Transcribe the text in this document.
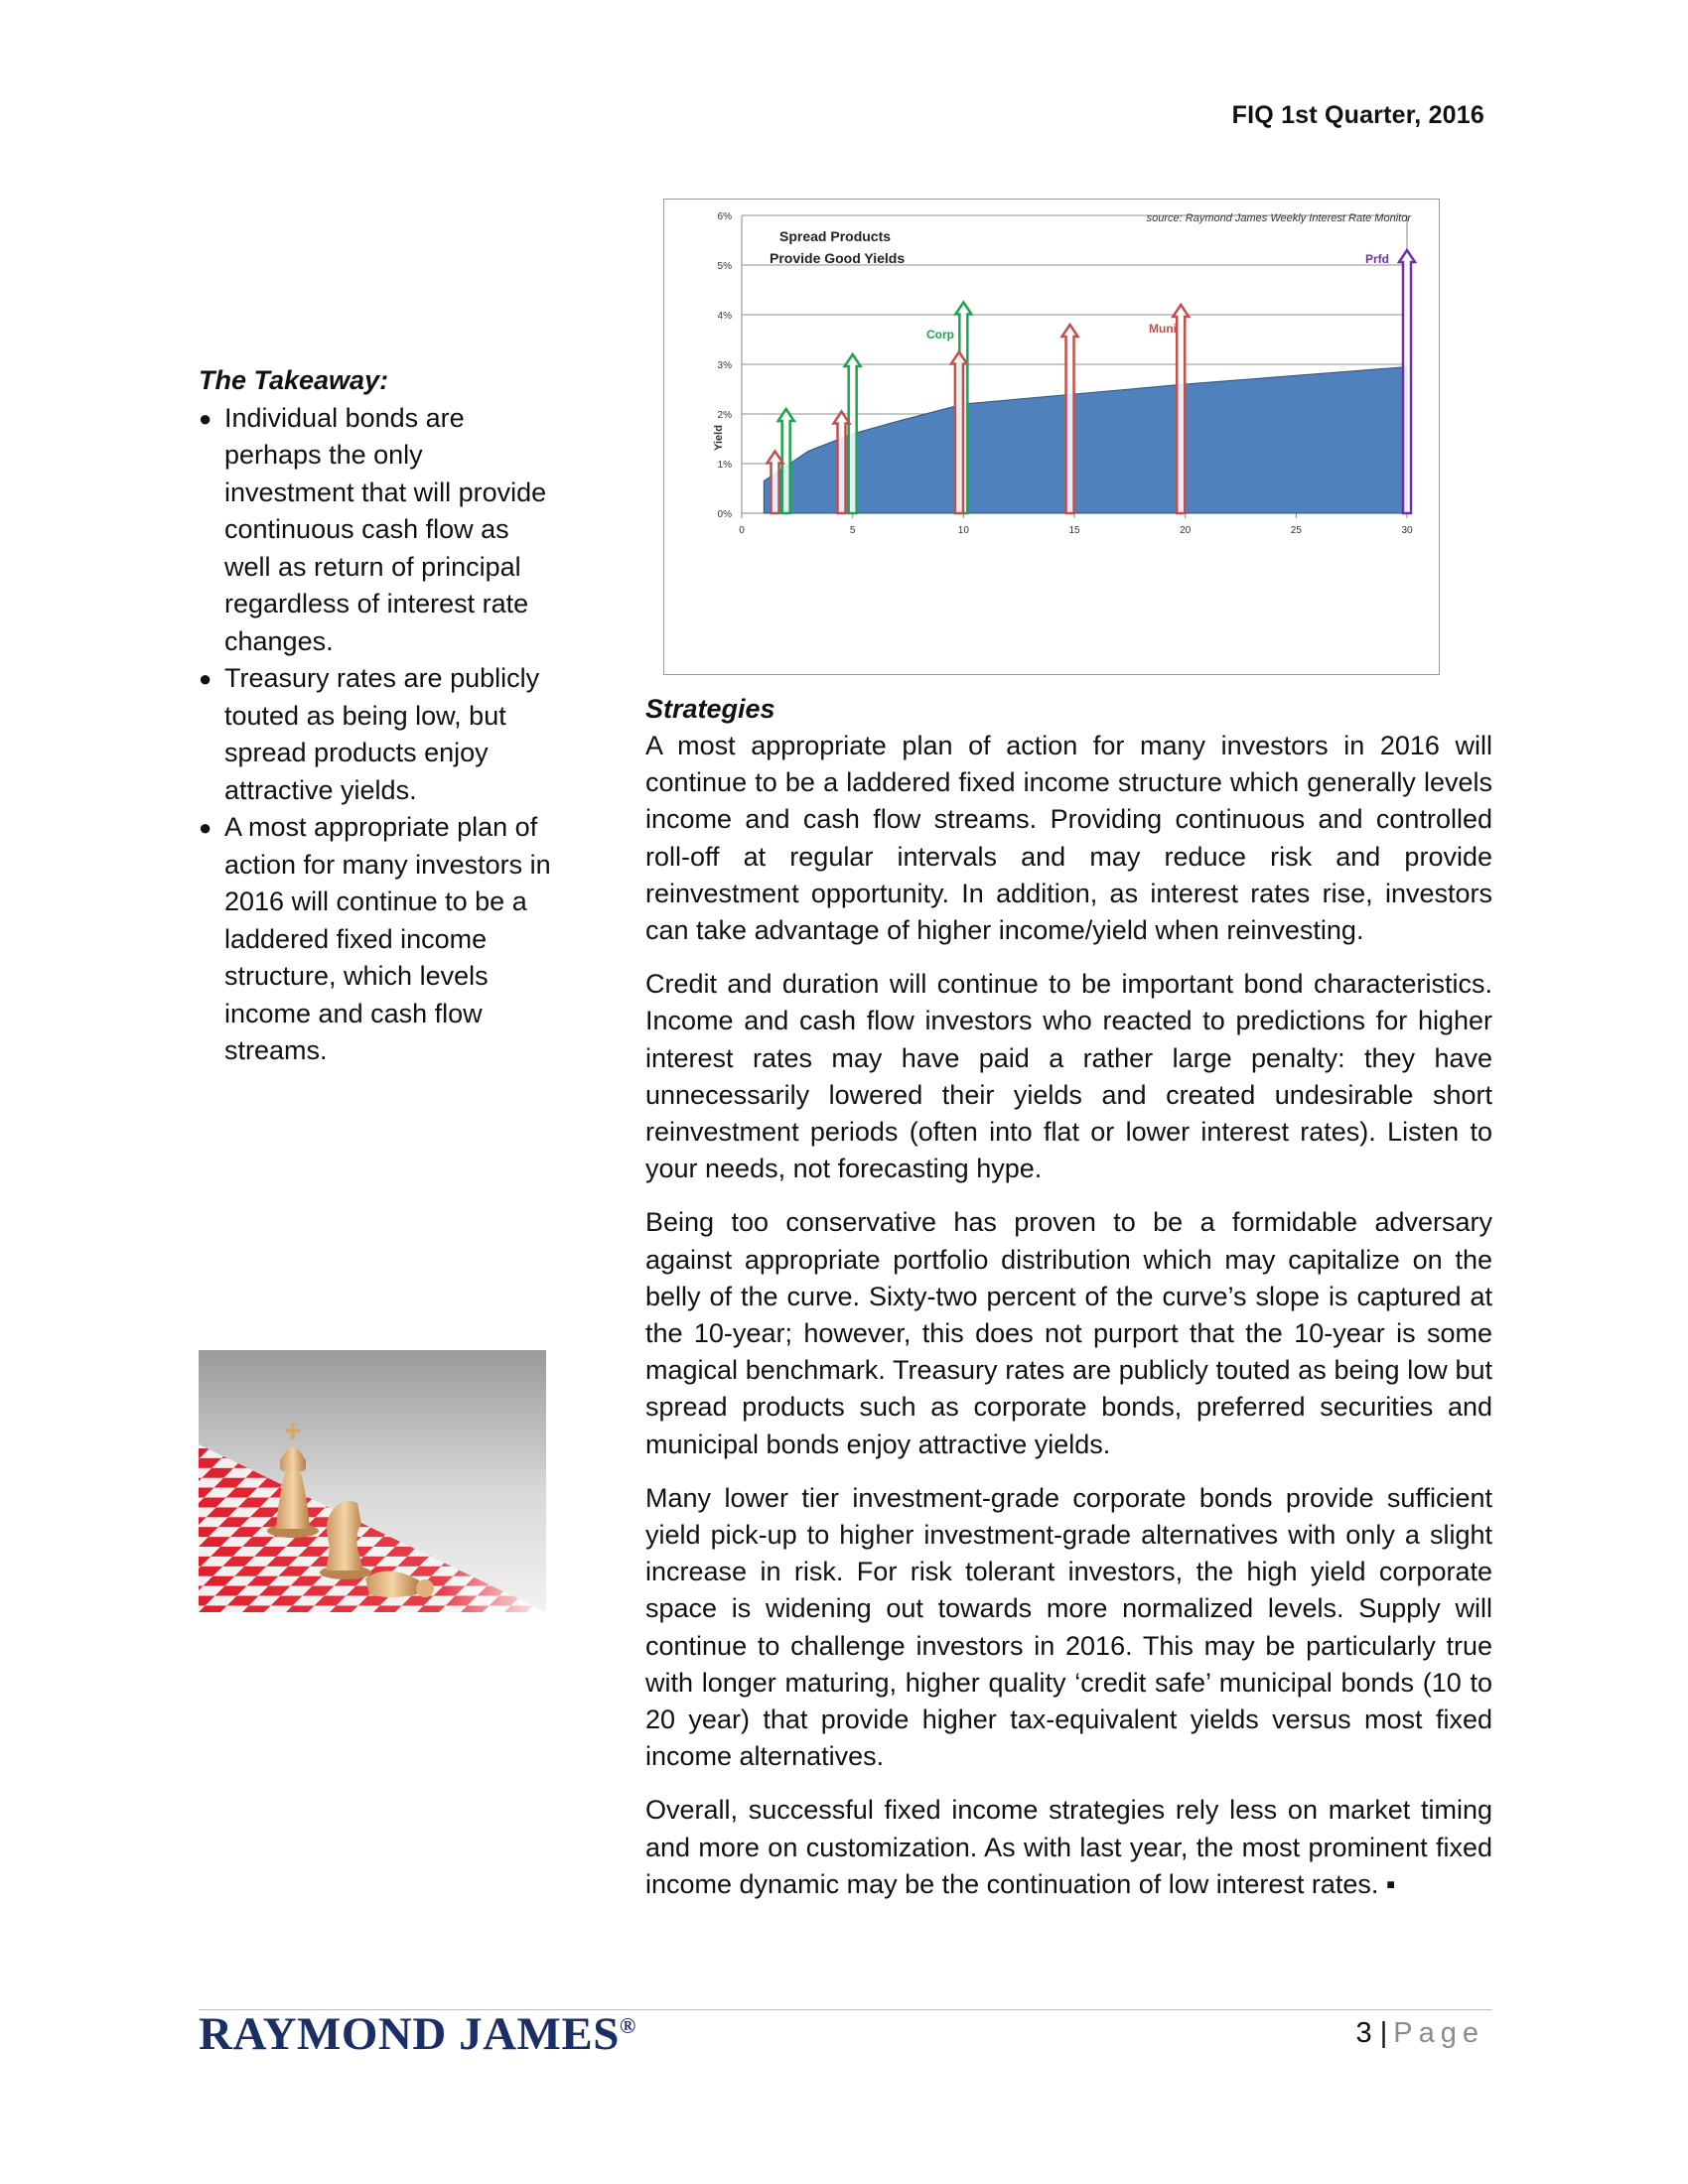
FIQ 1st Quarter, 2016
The Takeaway:
● Individual bonds are perhaps the only investment that will provide continuous cash flow as well as return of principal regardless of interest rate changes.
● Treasury rates are publicly touted as being low, but spread products enjoy attractive yields.
● A most appropriate plan of action for many investors in 2016 will continue to be a laddered fixed income structure, which levels income and cash flow streams.
0%
1%
2%
3%
4%
5%
6%
0	5	10	15	20	25	30
Yield
Spread Products
Provide Good Yields
source: Raymond James Weekly Interest Rate Monitor
Corp	Muni
Prfd
Treasuries
Strategies

A most appropriate plan of action for many investors in 2016 will continue to be a laddered fixed income structure which generally levels income and cash flow streams. Providing continuous and controlled roll-off at regular intervals and may reduce risk and provide reinvestment opportunity. In addition, as interest rates rise, investors can take advantage of higher income/yield when reinvesting.

Credit and duration will continue to be important bond characteristics. Income and cash flow investors who reacted to predictions for higher interest rates may have paid a rather large penalty: they have unnecessarily lowered their yields and created undesirable short reinvestment periods (often into flat or lower interest rates). Listen to your needs, not forecasting hype.

Being too conservative has proven to be a formidable adversary against appropriate portfolio distribution which may capitalize on the belly of the curve. Sixty-two percent of the curve’s slope is captured at the 10-year; however, this does not purport that the 10-year is some magical benchmark. Treasury rates are publicly touted as being low but spread products such as corporate bonds, preferred securities and municipal bonds enjoy attractive yields.

Many lower tier investment-grade corporate bonds provide sufficient yield pick-up to higher investment-grade alternatives with only a slight increase in risk. For risk tolerant investors, the high yield corporate space is widening out towards more normalized levels. Supply will continue to challenge investors in 2016. This may be particularly true with longer maturing, higher quality ‘credit safe’ municipal bonds (10 to 20 year) that provide higher tax-equivalent yields versus most fixed income alternatives.

Overall, successful fixed income strategies rely less on market timing and more on customization. As with last year, the most prominent fixed income dynamic may be the continuation of low interest rates. ▪

RAYMOND JAMES®	3 | Page
